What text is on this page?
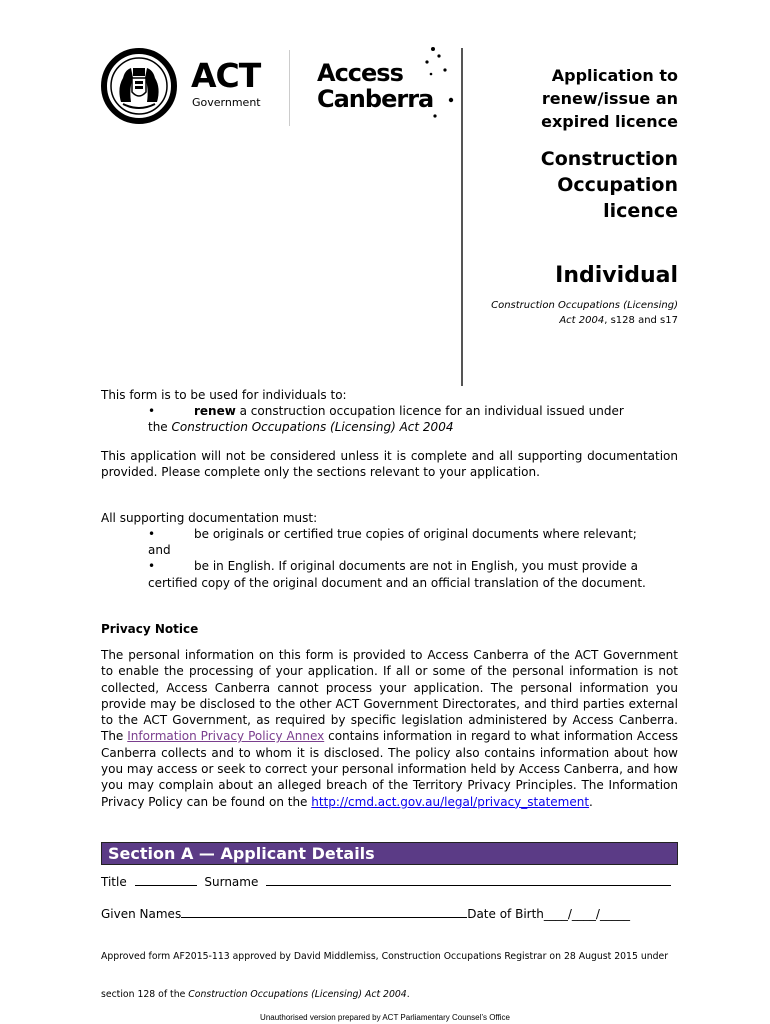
ACT
Government
Access
Canberra
Application to
renew/issue an
expired licence
Construction
Occupation
licence
Individual
Construction Occupations (Licensing)
Act 2004, s128 and s17
This form is to be used for individuals to:
•	renew a construction occupation licence for an individual issued under
the Construction Occupations (Licensing) Act 2004
This application will not be considered unless it is complete and all supporting documentation provided. Please complete only the sections relevant to your application.
All supporting documentation must:
•	be originals or certified true copies of original documents where relevant;
and
•	be in English. If original documents are not in English, you must provide a
certified copy of the original document and an official translation of the document.
Privacy Notice
The personal information on this form is provided to Access Canberra of the ACT Government to enable the processing of your application. If all or some of the personal information is not collected, Access Canberra cannot process your application. The personal information you provide may be disclosed to the other ACT Government Directorates, and third parties external to the ACT Government, as required by specific legislation administered by Access Canberra. The Information Privacy Policy Annex contains information in regard to what information Access Canberra collects and to whom it is disclosed. The policy also contains information about how you may access or seek to correct your personal information held by Access Canberra, and how you may complain about an alleged breach of the Territory Privacy Principles. The Information Privacy Policy can be found on the http://cmd.act.gov.au/legal/privacy_statement.
Section A — Applicant Details
Title	Surname
Given Names	Date of Birth____/____/_____
Approved form AF2015-113 approved by David Middlemiss, Construction Occupations Registrar on 28 August 2015 under
section 128 of the Construction Occupations (Licensing) Act 2004.
Unauthorised version prepared by ACT Parliamentary Counsel’s Office
